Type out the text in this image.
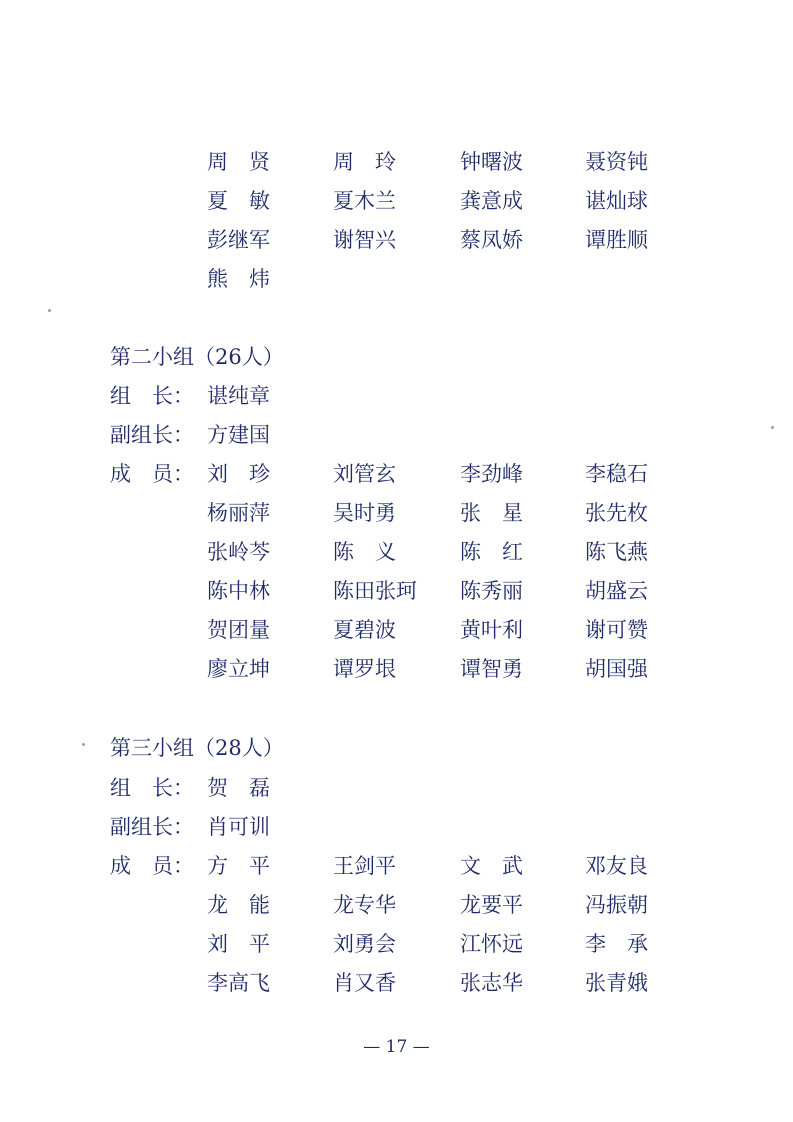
周　贤	周　玲	钟曙波	聂资钝
夏　敏	夏木兰	龚意成	谌灿球
彭继军	谢智兴	蔡凤娇	谭胜顺
熊　炜
第二小组（26人）
组　长： 谌纯章
副组长： 方建国
成　员： 刘　珍	刘管玄	李劲峰	李稳石
杨丽萍	吴时勇	张　星	张先枚
张岭芩	陈　义	陈　红	陈飞燕
陈中林	陈田张珂 陈秀丽	胡盛云
贺团量	夏碧波	黄叶利	谢可赞
廖立坤	谭罗垠	谭智勇	胡国强
第三小组（28人）
组　长： 贺　磊
副组长： 肖可训
成　员： 方　平	王剑平	文　武	邓友良
龙　能	龙专华	龙要平	冯振朝
刘　平	刘勇会	江怀远	李　承
李高飞	肖又香	张志华	张青娥
— 17 —
